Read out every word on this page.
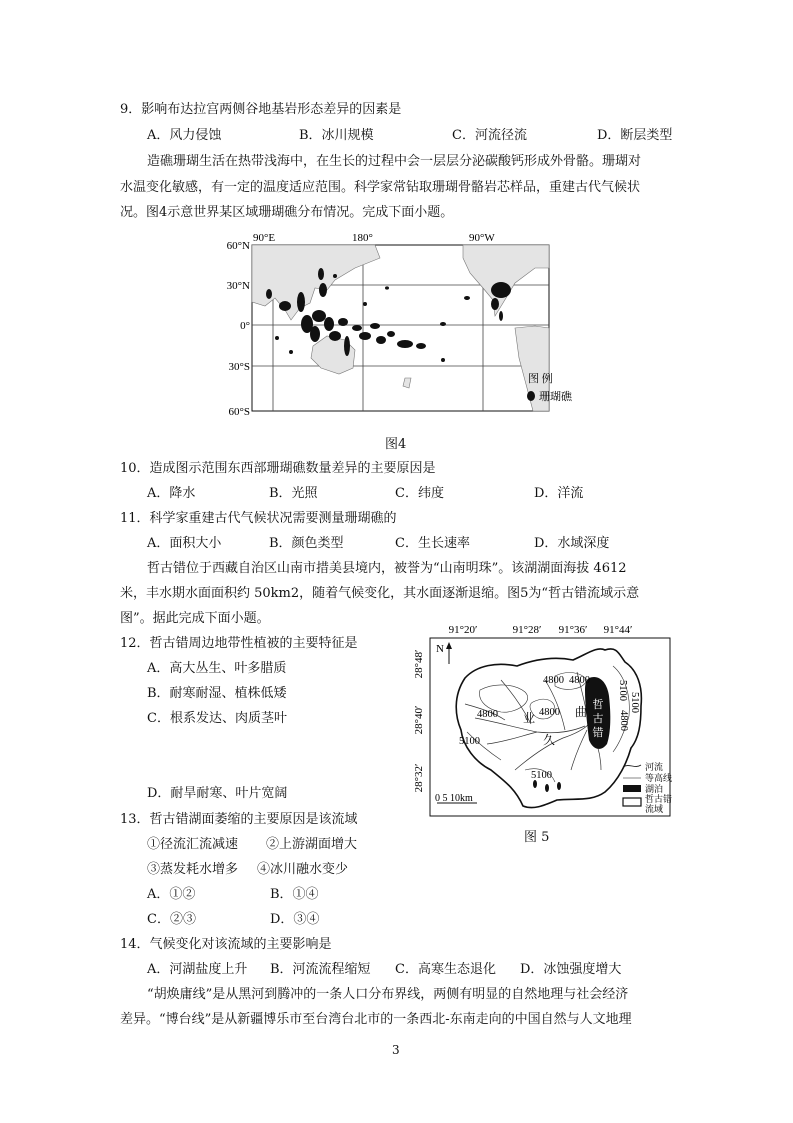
9．影响布达拉宫两侧谷地基岩形态差异的因素是
A．风力侵蚀	B．冰川规模	C．河流径流	D．断层类型
造礁珊瑚生活在热带浅海中，在生长的过程中会一层层分泌碳酸钙形成外骨骼。珊瑚对
水温变化敏感，有一定的温度适应范围。科学家常钻取珊瑚骨骼岩芯样品，重建古代气候状
况。图4示意世界某区域珊瑚礁分布情况。完成下面小题。
90°E	180°	90°W
60°N
30°N
0°
30°S
60°S
图 例
珊瑚礁
图4
10．造成图示范围东西部珊瑚礁数量差异的主要原因是
A．降水	B．光照	C．纬度	D．洋流
11．科学家重建古代气候状况需要测量珊瑚礁的
A．面积大小	B．颜色类型	C．生长速率	D．水域深度
哲古错位于西藏自治区山南市措美县境内，被誉为“山南明珠”。该湖湖面海拔 4612
米，丰水期水面面积约 50km2，随着气候变化，其水面逐渐退缩。图5为“哲古错流域示意
图”。据此完成下面小题。
12．哲古错周边地带性植被的主要特征是
A．高大丛生、叶多腊质
B．耐寒耐湿、植株低矮
C．根系发达、肉质茎叶
D．耐旱耐寒、叶片宽阔
91°20′	91°28′ 91°36′ 91°44′
28°48′
28°40′
28°32′
N
哲
古
错
4800 4800
4800	4800
5100
5100
5100
4800
5100
曲
业
久
0 5 10km
河流
等高线
湖泊
哲古错
流域
图 5
13．哲古错湖面萎缩的主要原因是该流域
①径流汇流减速 ②上游湖面增大
③蒸发耗水增多 ④冰川融水变少
A．①②	B．①④
C．②③	D．③④
14．气候变化对该流域的主要影响是
A．河湖盐度上升 B．河流流程缩短 C．高寒生态退化 D．冰蚀强度增大
“胡焕庸线”是从黑河到腾冲的一条人口分布界线，两侧有明显的自然地理与社会经济
差异。“博台线”是从新疆博乐市至台湾台北市的一条西北-东南走向的中国自然与人文地理
3
